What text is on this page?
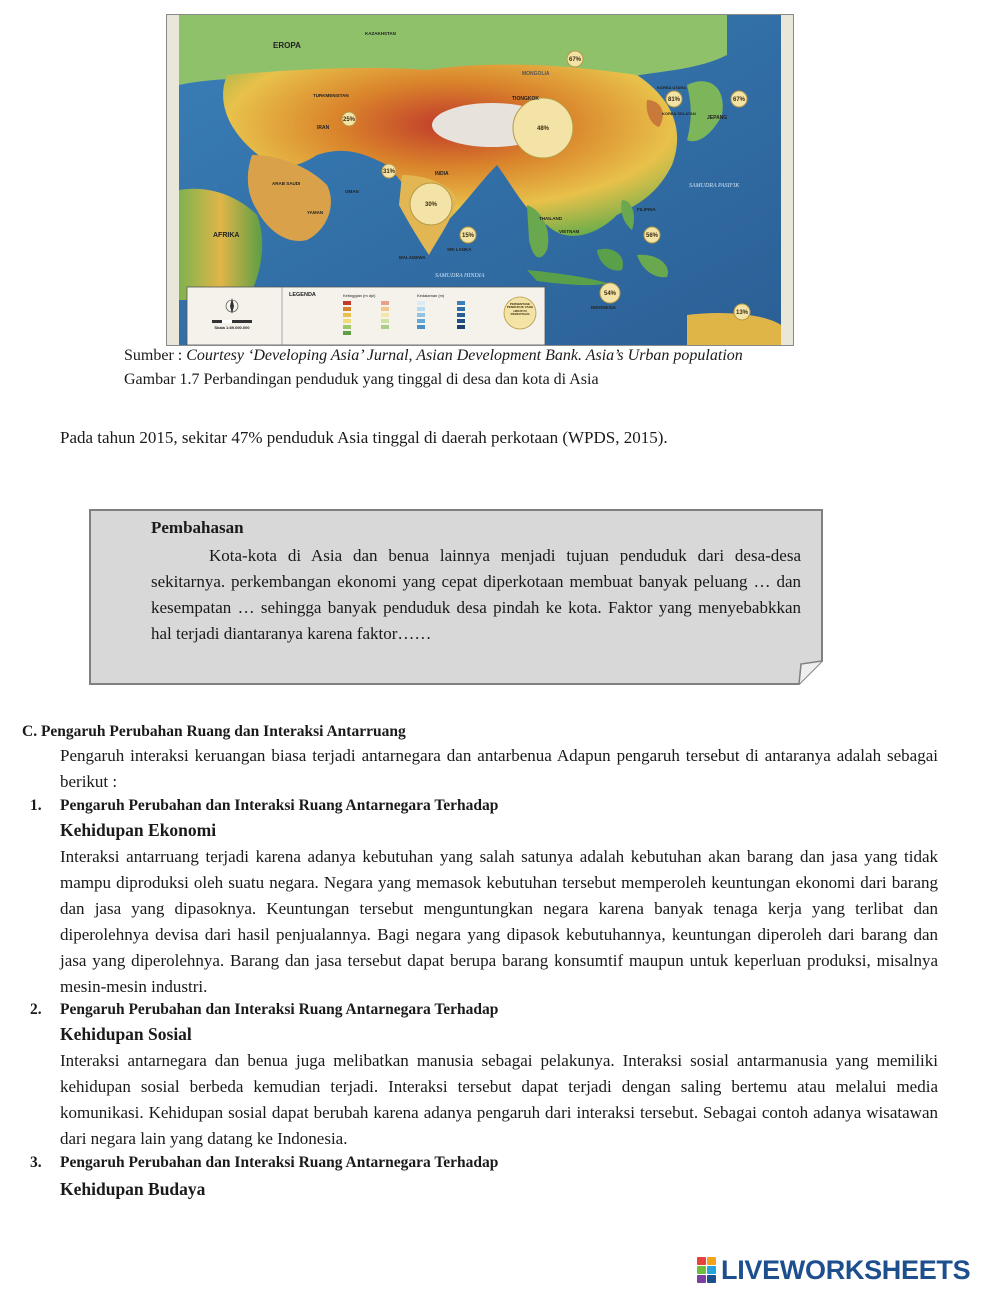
48%
30%
67%
81%	67%
25%
31%
15%	56%
54%
13%
EROPA
KAZAKHSTAN
MONGOLIA
TURKMENISTAN
IRAN
ARAB SAUDI
INDIA
TIONGKOK
KOREA UTARA
KOREA SELATAN
JEPANG
AFRIKA
YAMAN
OMAN
THAILAND
VIETNAM
FILIPINA
INDONESIA
MALADEWA
SRI LANKA
SAMUDRA HINDIA
SAMUDRA PASIFIK
LEGENDA
Skala 1:89.000.000
Ketinggian (m dpl)	Kedalaman (m)
PERSENTASE PENDUDUK YANG HIDUP DI PERKOTAAN
Sumber : Courtesy ‘Developing Asia’ Jurnal, Asian Development Bank. Asia’s Urban population
Gambar 1.7 Perbandingan penduduk yang tinggal di desa dan kota di Asia
Pada tahun 2015, sekitar 47% penduduk Asia tinggal di daerah perkotaan (WPDS, 2015).
Pembahasan
Kota-kota di Asia dan benua lainnya menjadi tujuan penduduk dari desa-desa sekitarnya. perkembangan ekonomi yang cepat diperkotaan membuat banyak peluang … dan kesempatan … sehingga banyak penduduk desa pindah ke kota. Faktor yang menyebabkkan hal terjadi diantaranya karena faktor……
C. Pengaruh Perubahan Ruang dan Interaksi Antarruang
Pengaruh interaksi keruangan biasa terjadi antarnegara dan antarbenua Adapun pengaruh tersebut di antaranya adalah sebagai berikut :
1. Pengaruh Perubahan dan Interaksi Ruang Antarnegara Terhadap
Kehidupan Ekonomi
Interaksi antarruang terjadi karena adanya kebutuhan yang salah satunya adalah kebutuhan akan barang dan jasa yang tidak mampu diproduksi oleh suatu negara. Negara yang memasok kebutuhan tersebut memperoleh keuntungan ekonomi dari barang dan jasa yang dipasoknya. Keuntungan tersebut menguntungkan negara karena banyak tenaga kerja yang terlibat dan diperolehnya devisa dari hasil penjualannya. Bagi negara yang dipasok kebutuhannya, keuntungan diperoleh dari barang dan jasa yang diperolehnya. Barang dan jasa tersebut dapat berupa barang konsumtif maupun untuk keperluan produksi, misalnya mesin-mesin industri.
2. Pengaruh Perubahan dan Interaksi Ruang Antarnegara Terhadap
Kehidupan Sosial
Interaksi antarnegara dan benua juga melibatkan manusia sebagai pelakunya. Interaksi sosial antarmanusia yang memiliki kehidupan sosial berbeda kemudian terjadi. Interaksi tersebut dapat terjadi dengan saling bertemu atau melalui media komunikasi. Kehidupan sosial dapat berubah karena adanya pengaruh dari interaksi tersebut. Sebagai contoh adanya wisatawan dari negara lain yang datang ke Indonesia.
3. Pengaruh Perubahan dan Interaksi Ruang Antarnegara Terhadap
Kehidupan Budaya
LIVEWORKSHEETS
